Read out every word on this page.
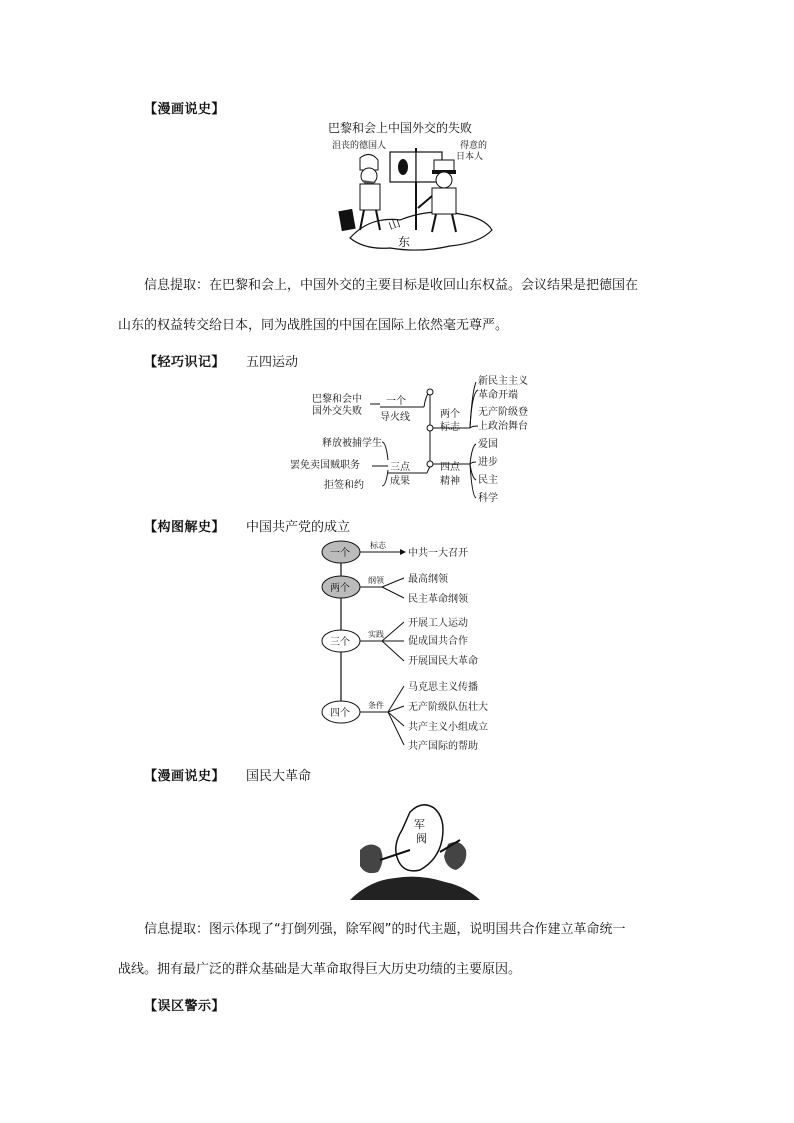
【漫画说史】
巴黎和会上中国外交的失败
沮丧的德国人	得意的
日本人
山
东
信息提取：在巴黎和会上，中国外交的主要目标是收回山东权益。会议结果是把德国在
山东的权益转交给日本，同为战胜国的中国在国际上依然毫无尊严。
【轻巧识记】 五四运动
巴黎和会中
国外交失败
一个
导火线	两个
标志
新民主主义
革命开端
无产阶级登
上政治舞台
释放被捕学生
罢免卖国贼职务
拒签和约
三点
成果
四点
精神
爱国
进步
民主
科学
【构图解史】 中国共产党的成立
一个
标志
中共一大召开
两个
纲领 最高纲领
民主革命纲领
三个
实践
开展工人运动
促成国共合作
开展国民大革命
四个
条件
马克思主义传播
无产阶级队伍壮大
共产主义小组成立
共产国际的帮助
【漫画说史】 国民大革命
军
阀
信息提取：图示体现了“打倒列强，除军阀”的时代主题，说明国共合作建立革命统一
战线。拥有最广泛的群众基础是大革命取得巨大历史功绩的主要原因。
【误区警示】
